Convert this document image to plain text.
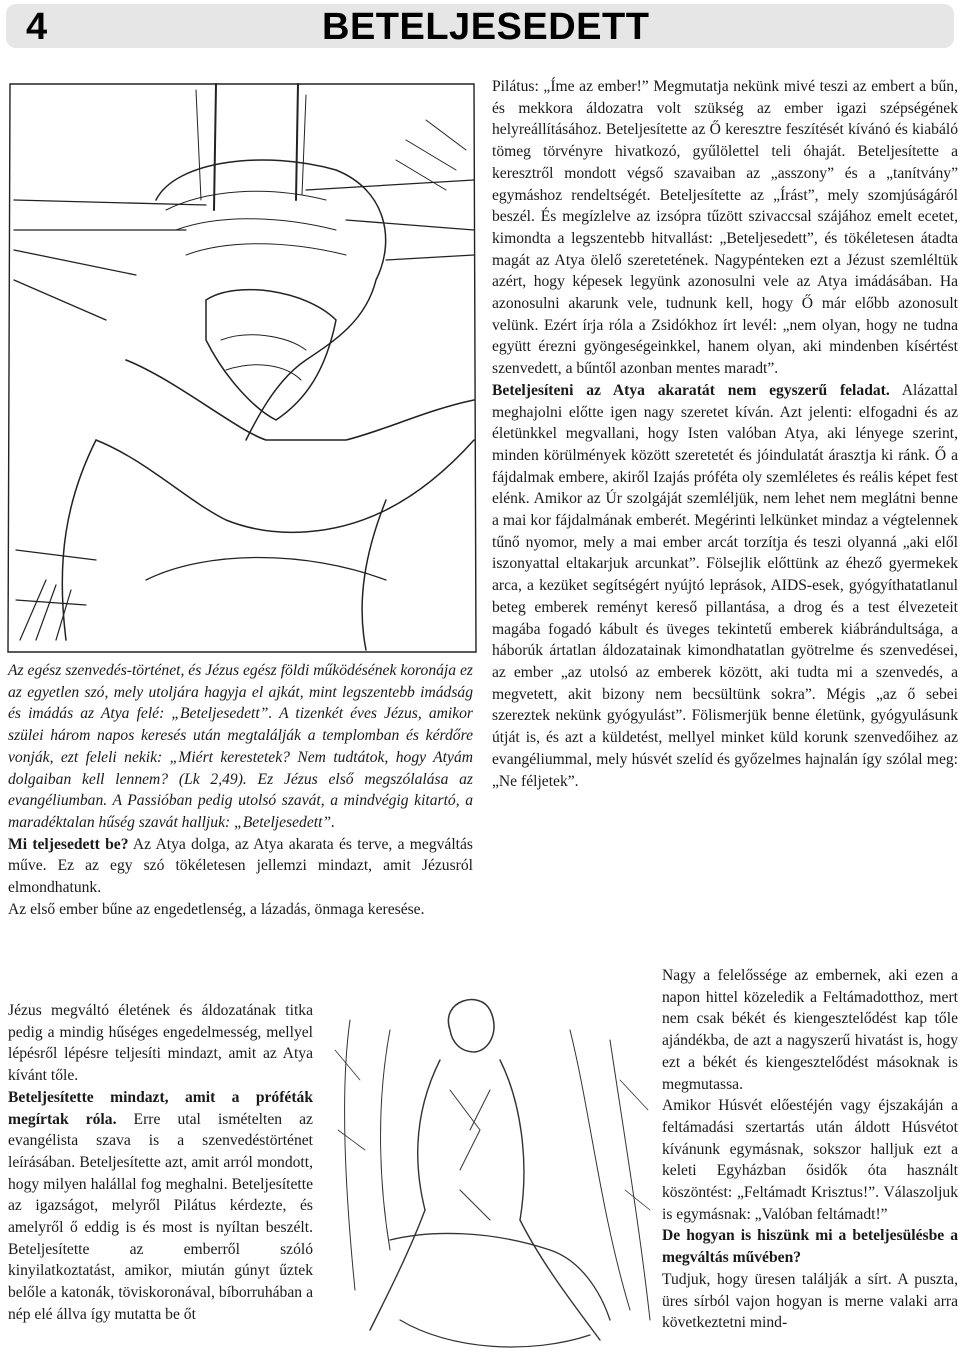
4	BETELJESEDETT

Az egész szenvedés-történet, és Jézus egész földi működésének koronája ez az egyetlen szó, mely utoljára hagyja el ajkát, mint legszentebb imádság és imádás az Atya felé: „Beteljesedett”. A tizenkét éves Jézus, amikor szülei három napos keresés után megtalálják a templomban és kérdőre vonják, ezt feleli nekik: „Miért kerestetek? Nem tudtátok, hogy Atyám dolgaiban kell lennem? (Lk 2,49). Ez Jézus első megszólalása az evangéliumban. A Passióban pedig utolsó szavát, a mindvégig kitartó, a maradéktalan hűség szavát halljuk: „Beteljesedett”.

Mi teljesedett be? Az Atya dolga, az Atya akarata és terve, a megváltás műve. Ez az egy szó tökéletesen jellemzi mindazt, amit Jézusról elmondhatunk.

Az első ember bűne az engedetlenség, a lázadás, önmaga keresése.

Jézus megváltó életének és áldozatának titka pedig a mindig hűséges engedelmesség, mellyel lépésről lépésre teljesíti mindazt, amit az Atya kívánt tőle.

Beteljesítette mindazt, amit a próféták megírtak róla. Erre utal ismételten az evangélista szava is a szenvedéstörténet leírásában. Beteljesítette azt, amit arról mondott, hogy milyen halállal fog meghalni. Beteljesítette az igazságot, melyről Pilátus kérdezte, és amelyről ő eddig is és most is nyíltan beszélt. Beteljesítette az emberről szóló kinyilatkoztatást, amikor, miután gúnyt űztek belőle a katonák, töviskoronával, bíborruhában a nép elé állva így mutatta be őt

Pilátus: „Íme az ember!” Megmutatja nekünk mivé teszi az embert a bűn, és mekkora áldozatra volt szükség az ember igazi szépségének helyreállításához. Beteljesítette az Ő keresztre feszítését kívánó és kiabáló tömeg törvényre hivatkozó, gyűlölettel teli óhaját. Beteljesítette a keresztről mondott végső szavaiban az „asszony” és a „tanítvány” egymáshoz rendeltségét. Beteljesítette az „Írást”, mely szomjúságáról beszél. És megízlelve az izsópra tűzött szivaccsal szájához emelt ecetet, kimondta a legszentebb hitvallást: „Beteljesedett”, és tökéletesen átadta magát az Atya ölelő szeretetének. Nagypénteken ezt a Jézust szemléltük azért, hogy képesek legyünk azonosulni vele az Atya imádásában. Ha azonosulni akarunk vele, tudnunk kell, hogy Ő már előbb azonosult velünk. Ezért írja róla a Zsidókhoz írt levél: „nem olyan, hogy ne tudna együtt érezni gyöngeségeinkkel, hanem olyan, aki mindenben kísértést szenvedett, a bűntől azonban mentes maradt”.

Beteljesíteni az Atya akaratát nem egyszerű feladat. Alázattal meghajolni előtte igen nagy szeretet kíván. Azt jelenti: elfogadni és az életünkkel megvallani, hogy Isten valóban Atya, aki lényege szerint, minden körülmények között szeretetét és jóindulatát árasztja ki ránk. Ő a fájdalmak embere, akiről Izajás próféta oly szemléletes és reális képet fest elénk. Amikor az Úr szolgáját szemléljük, nem lehet nem meglátni benne a mai kor fájdalmának emberét. Megérinti lelkünket mindaz a végtelennek tűnő nyomor, mely a mai ember arcát torzítja és teszi olyanná „aki elől iszonyattal eltakarjuk arcunkat”. Fölsejlik előttünk az éhező gyermekek arca, a kezüket segítségért nyújtó leprások, AIDS-esek, gyógyíthatatlanul beteg emberek reményt kereső pillantása, a drog és a test élvezeteit magába fogadó kábult és üveges tekintetű emberek kiábrándultsága, a háborúk ártatlan áldozatainak kimondhatatlan gyötrelme és szenvedései, az ember „az utolsó az emberek között, aki tudta mi a szenvedés, a megvetett, akit bizony nem becsültünk sokra”. Mégis „az ő sebei szereztek nekünk gyógyulást”. Fölismerjük benne életünk, gyógyulásunk útját is, és azt a küldetést, mellyel minket küld korunk szenvedőihez az evangéliummal, mely húsvét szelíd és győzelmes hajnalán így szólal meg: „Ne féljetek”.

Nagy a felelőssége az embernek, aki ezen a napon hittel közeledik a Feltámadotthoz, mert nem csak békét és kiengesztelődést kap tőle ajándékba, de azt a nagyszerű hivatást is, hogy ezt a békét és kiengesztelődést másoknak is megmutassa.

Amikor Húsvét előestéjén vagy éjszakáján a feltámadási szertartás után áldott Húsvétot kívánunk egymásnak, sokszor halljuk ezt a keleti Egyházban ősidők óta használt köszöntést: „Feltámadt Krisztus!”. Válaszoljuk is egymásnak: „Valóban feltámadt!”

De hogyan is hiszünk mi a beteljesülésbe a megváltás művében?

Tudjuk, hogy üresen találják a sírt. A puszta, üres sírból vajon hogyan is merne valaki arra következtetni mind-
